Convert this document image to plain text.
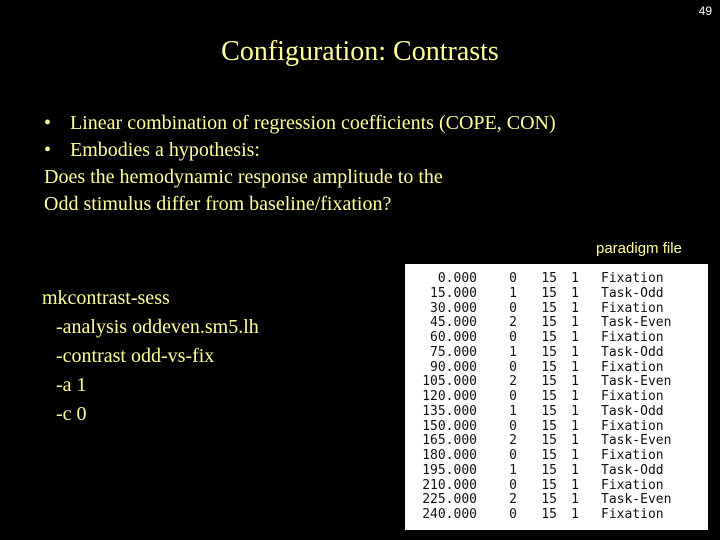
49
Configuration: Contrasts
• Linear combination of regression coefficients (COPE, CON)
• Embodies a hypothesis:
Does the hemodynamic response amplitude to the
Odd stimulus differ from baseline/fixation?
paradigm file
mkcontrast-sess
-analysis oddeven.sm5.lh
-contrast odd-vs-fix
-a 1
-c 0
0.000	0	15	1	Fixation
15.000	1	15	1	Task-Odd
30.000	0	15	1	Fixation
45.000	2	15	1	Task-Even
60.000	0	15	1	Fixation
75.000	1	15	1	Task-Odd
90.000	0	15	1	Fixation
105.000	2	15	1	Task-Even
120.000	0	15	1	Fixation
135.000	1	15	1	Task-Odd
150.000	0	15	1	Fixation
165.000	2	15	1	Task-Even
180.000	0	15	1	Fixation
195.000	1	15	1	Task-Odd
210.000	0	15	1	Fixation
225.000	2	15	1	Task-Even
240.000	0	15	1	Fixation
